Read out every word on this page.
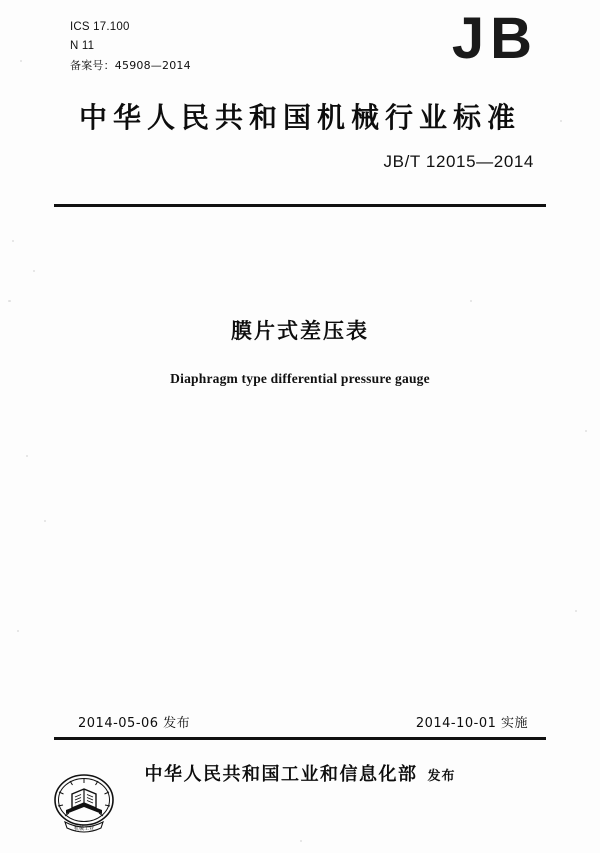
ICS 17.100
N 11
备案号：45908—2014	JB
中华人民共和国机械行业标准
JB/T 12015—2014
膜片式差压表
Diaphragm type differential pressure gauge
2014-05-06 发布	2014-10-01 实施
中华人民共和国工业和信息化部 发布
机械工业
